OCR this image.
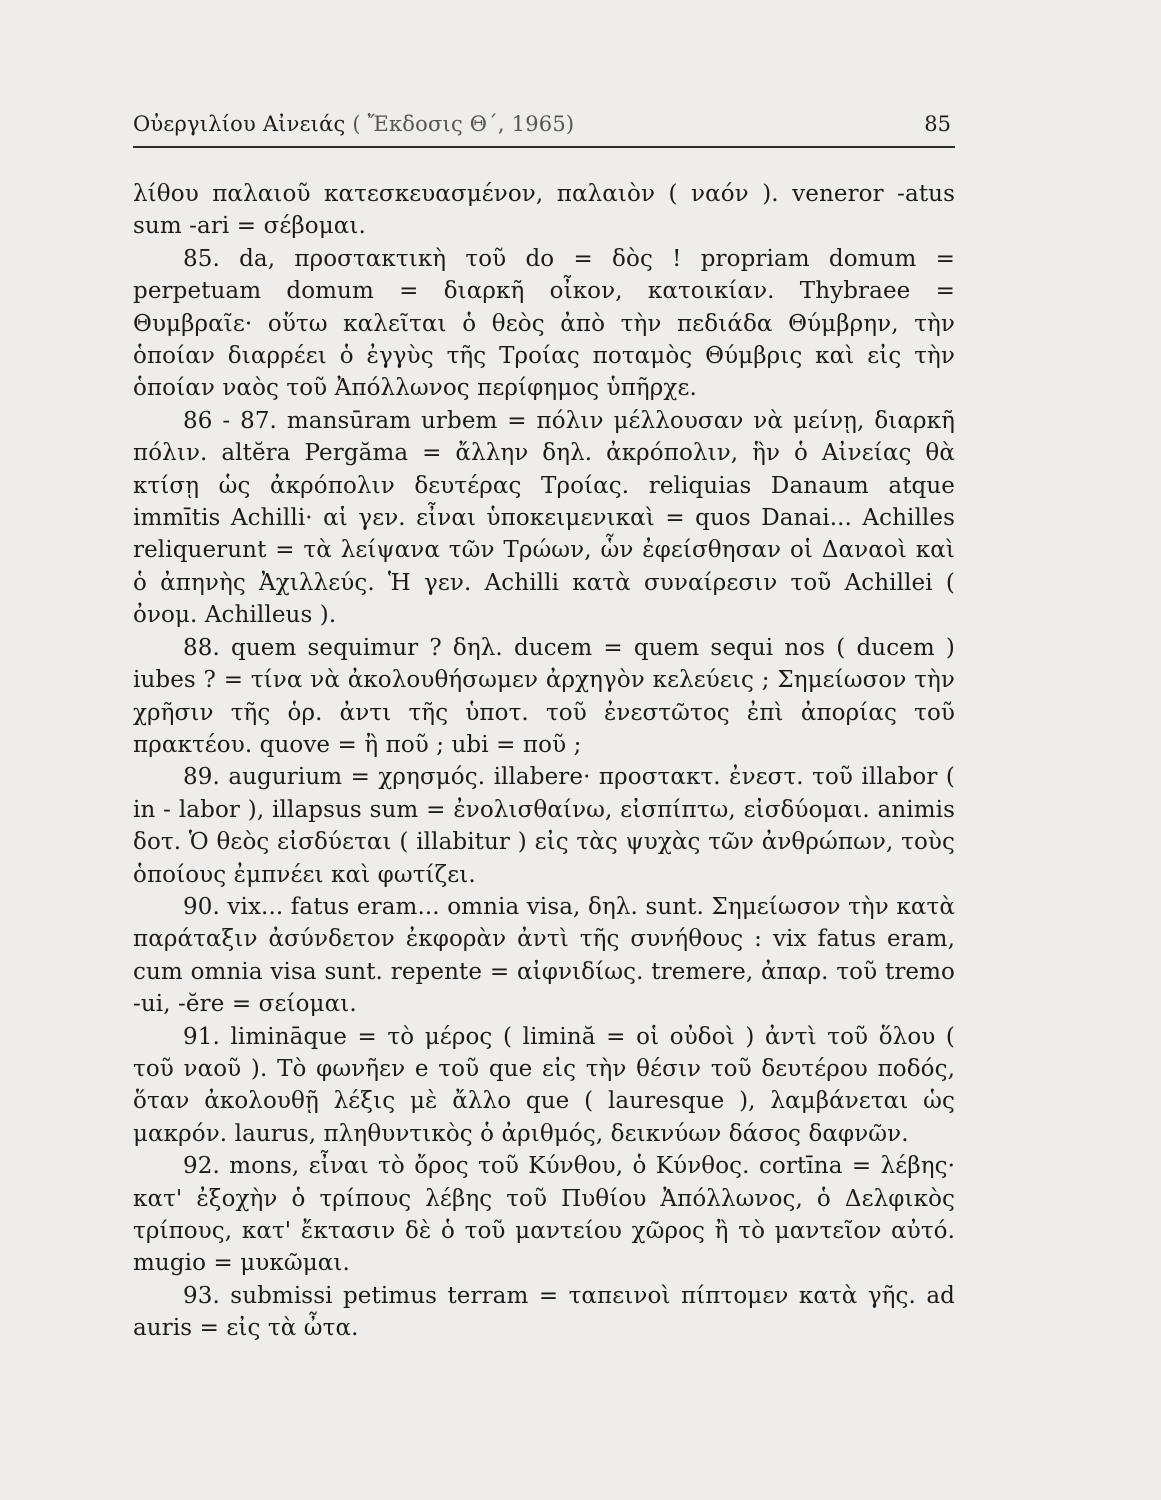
Οὐεργιλίου Αἰνειάς ( Ἔκδοσις Θ΄, 1965)	85

λίθου παλαιοῦ κατεσκευασμένον, παλαιὸν ( ναόν ). veneror -atus sum -ari = σέβομαι.

85. da, προστακτικὴ τοῦ do = δὸς ! propriam domum = perpetuam domum = διαρκῆ οἶκον, κατοικίαν. Thybraee = Θυμβραῖε· οὕτω καλεῖται ὁ θεὸς ἀπὸ τὴν πεδιάδα Θύμβρην, τὴν ὁποίαν διαρρέει ὁ ἐγγὺς τῆς Τροίας ποταμὸς Θύμβρις καὶ εἰς τὴν ὁποίαν ναὸς τοῦ Ἀπόλλωνος περίφημος ὑπῆρχε.

86 - 87. mansūram urbem = πόλιν μέλλουσαν νὰ μείνῃ, διαρκῆ πόλιν. altĕra Pergăma = ἄλλην δηλ. ἀκρόπολιν, ἣν ὁ Αἰνείας θὰ κτίσῃ ὡς ἀκρόπολιν δευτέρας Τροίας. reliquias Danaum atque immītis Achilli· αἱ γεν. εἶναι ὑποκειμενικαὶ = quos Danai... Achilles reliquerunt = τὰ λείψανα τῶν Τρώων, ὧν ἐφείσθησαν οἱ Δαναοὶ καὶ ὁ ἀπηνὴς Ἀχιλλεύς. Ἡ γεν. Achilli κατὰ συναίρεσιν τοῦ Achillei ( ὀνομ. Achilleus ).

88. quem sequimur ? δηλ. ducem = quem sequi nos ( ducem ) iubes ? = τίνα νὰ ἀκολουθήσωμεν ἀρχηγὸν κελεύεις ; Σημείωσον τὴν χρῆσιν τῆς ὁρ. ἀντι τῆς ὑποτ. τοῦ ἐνεστῶτος ἐπὶ ἀπορίας τοῦ πρακτέου. quove = ἢ ποῦ ; ubi = ποῦ ;

89. augurium = χρησμός. illabere· προστακτ. ἐνεστ. τοῦ illabor ( in - labor ), illapsus sum = ἐνολισθαίνω, εἰσπίπτω, εἰσδύομαι. animis δοτ. Ὁ θεὸς εἰσδύεται ( illabitur ) εἰς τὰς ψυχὰς τῶν ἀνθρώπων, τοὺς ὁποίους ἐμπνέει καὶ φωτίζει.

90. vix... fatus eram... omnia visa, δηλ. sunt. Σημείωσον τὴν κατὰ παράταξιν ἀσύνδετον ἐκφορὰν ἀντὶ τῆς συνήθους : vix fatus eram, cum omnia visa sunt. repente = αἰφνιδίως. tremere, ἀπαρ. τοῦ tremo -ui, -ĕre = σείομαι.

91. limināque = τὸ μέρος ( limină = οἱ οὐδοὶ ) ἀντὶ τοῦ ὅλου ( τοῦ ναοῦ ). Τὸ φωνῆεν e τοῦ que εἰς τὴν θέσιν τοῦ δευτέρου ποδός, ὅταν ἀκολουθῇ λέξις μὲ ἄλλο que ( lauresque ), λαμβάνεται ὡς μακρόν. laurus, πληθυντικὸς ὁ ἀριθμός, δεικνύων δάσος δαφνῶν.

92. mons, εἶναι τὸ ὄρος τοῦ Κύνθου, ὁ Κύνθος. cortīna = λέβης· κατ' ἐξοχὴν ὁ τρίπους λέβης τοῦ Πυθίου Ἀπόλλωνος, ὁ Δελφικὸς τρίπους, κατ' ἔκτασιν δὲ ὁ τοῦ μαντείου χῶρος ἢ τὸ μαντεῖον αὐτό. mugio = μυκῶμαι.

93. submissi petimus terram = ταπεινοὶ πίπτομεν κατὰ γῆς. ad auris = εἰς τὰ ὦτα.
